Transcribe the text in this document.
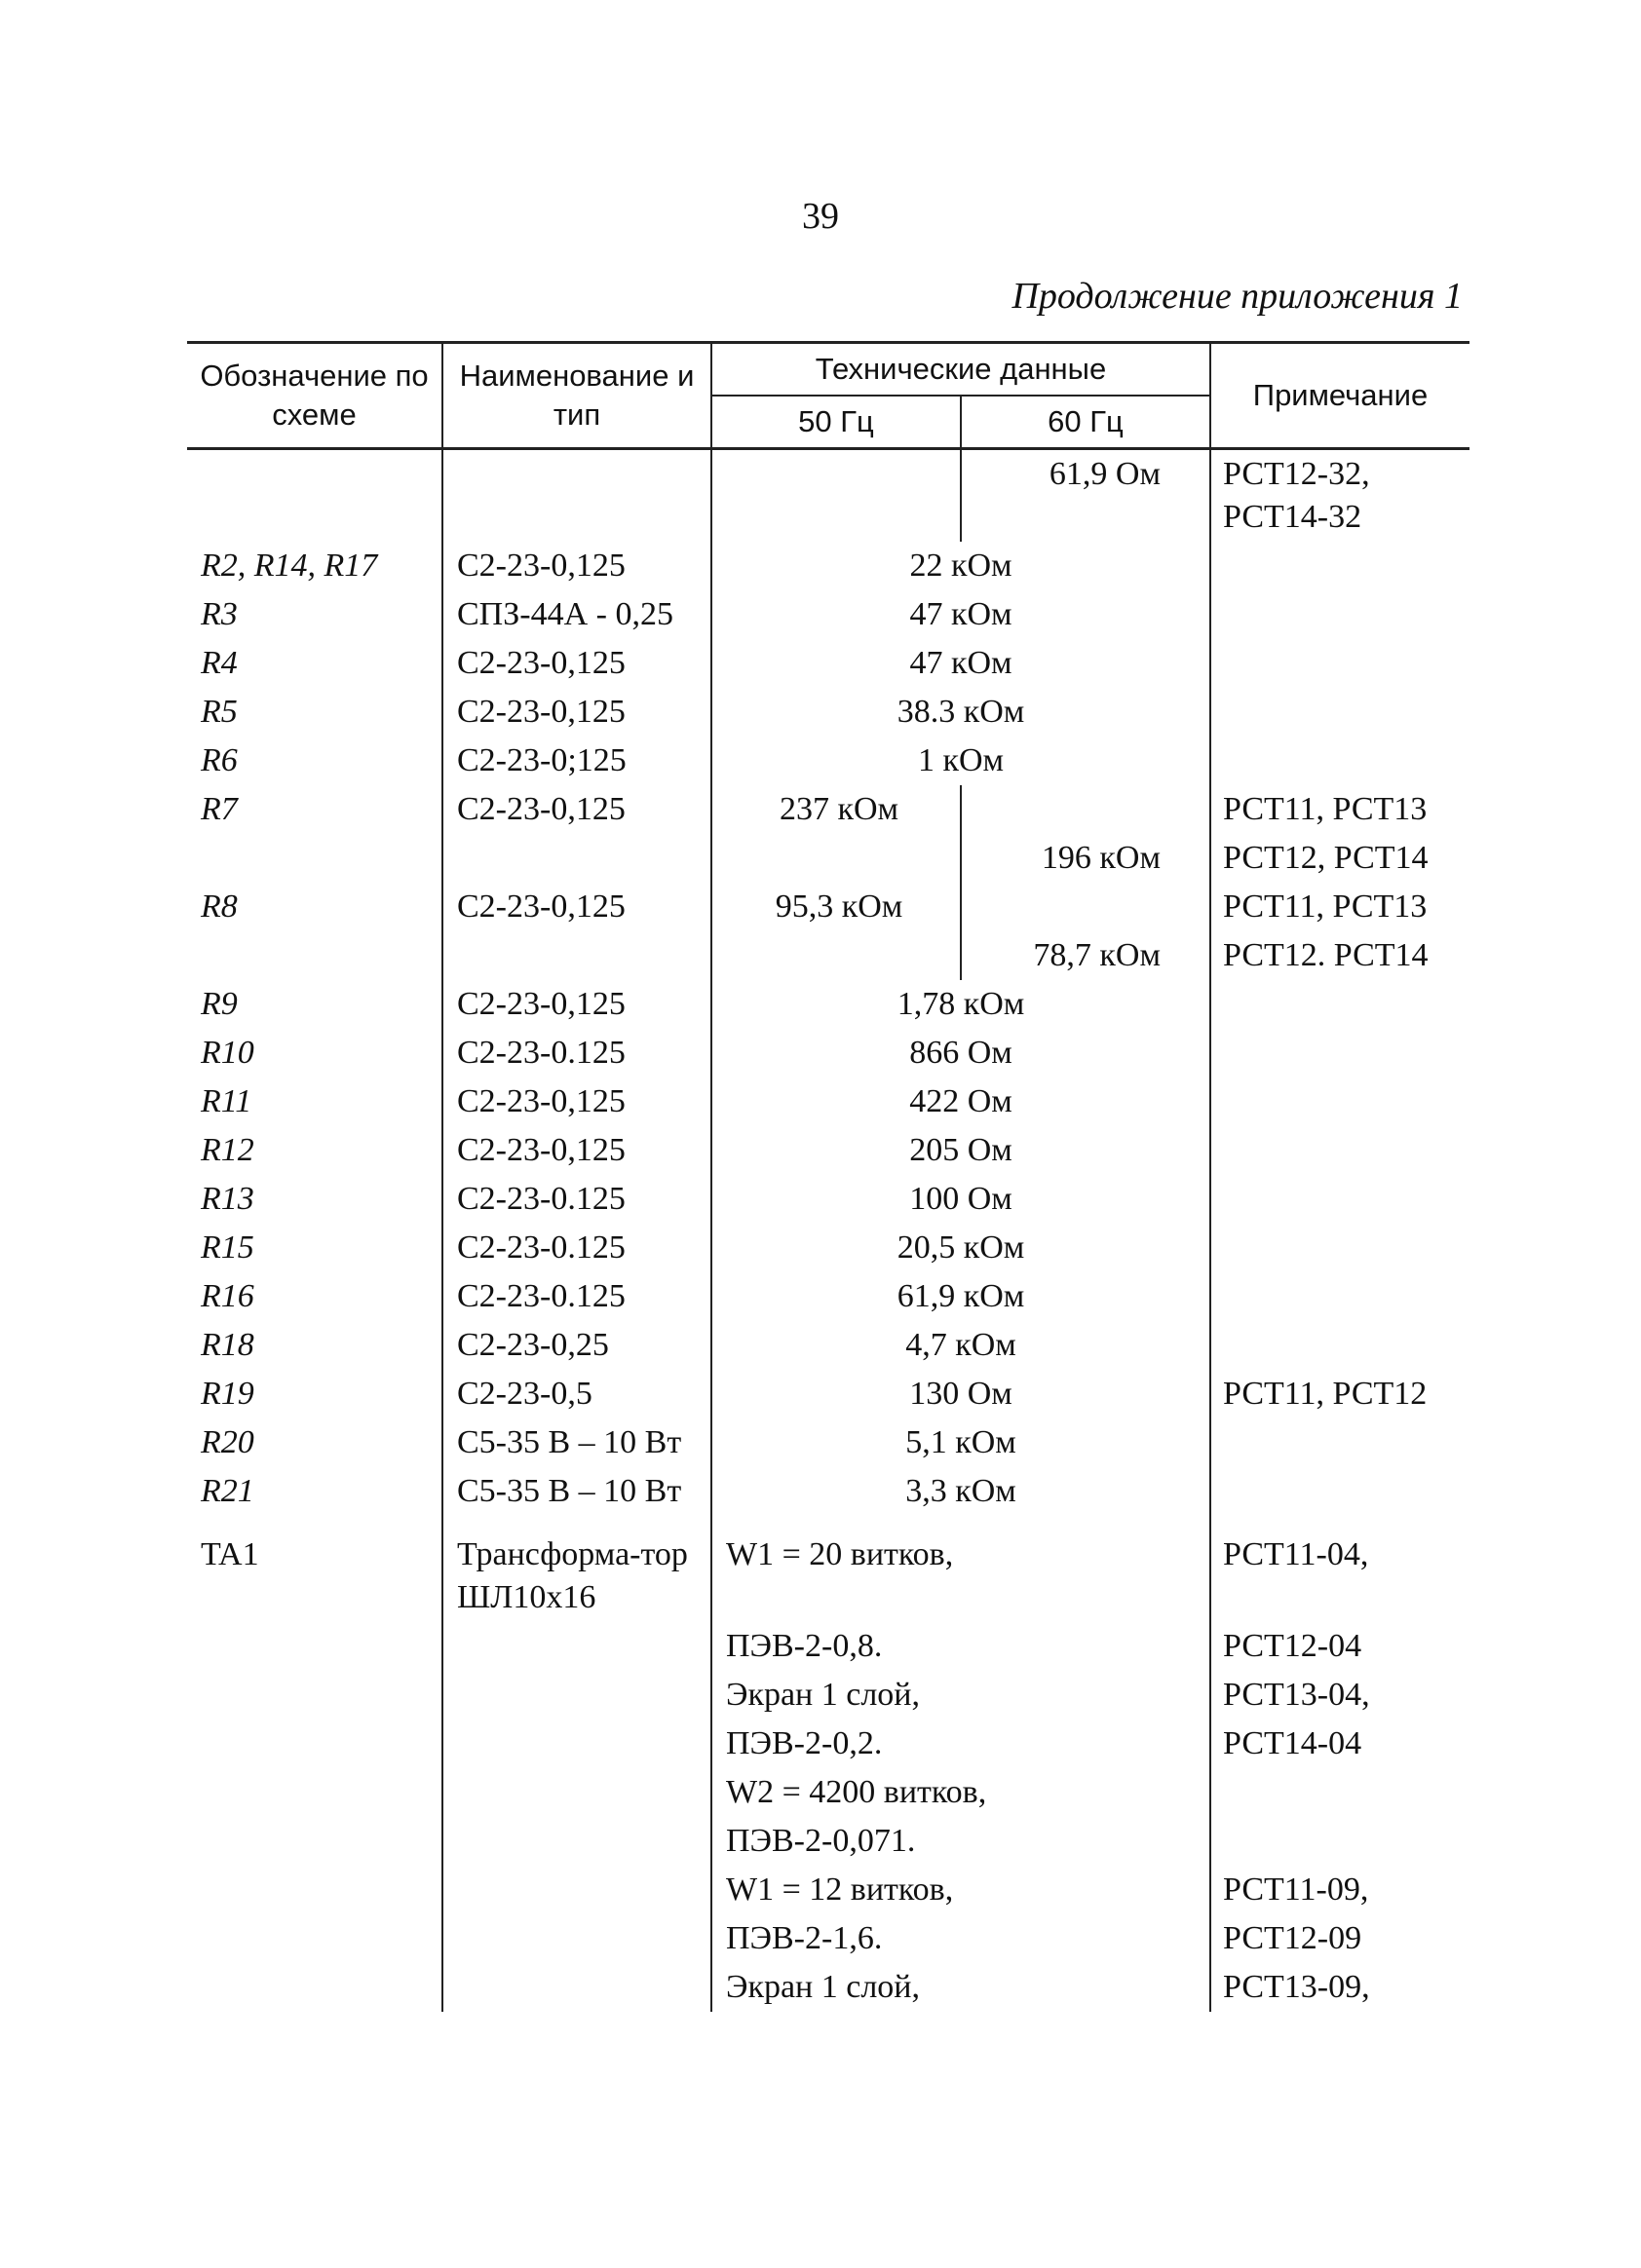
39
Продолжение приложения 1
Обозначение по схеме	Наименование и тип	Технические данные		Примечание
		50 Гц	60 Гц	
			61,9 Ом	РСТ12-32, РСТ14-32
R2, R14, R17	С2-23-0,125	22 кОм		
R3	СПЗ-44А - 0,25	47 кОм		
R4	С2-23-0,125	47 кОм		
R5	С2-23-0,125	38.3 кОм		
R6	С2-23-0;125	1 кОм		
R7	С2-23-0,125	237 кОм		РСТ11, РСТ13
			196 кОм	РСТ12, РСТ14
R8	С2-23-0,125	95,3 кОм		РСТ11, РСТ13
			78,7 кОм	РСТ12. РСТ14
R9	С2-23-0,125	1,78 кОм		
R10	С2-23-0.125	866 Ом		
R11	С2-23-0,125	422 Ом		
R12	С2-23-0,125	205 Ом		
R13	С2-23-0.125	100 Ом		
R15	С2-23-0.125	20,5 кОм		
R16	С2-23-0.125	61,9 кОм		
R18	С2-23-0,25	4,7 кОм		
R19	С2-23-0,5	130 Ом		РСТ11, РСТ12
R20	С5-35 В – 10 Вт	5,1 кОм		
R21	С5-35 В – 10 Вт	3,3 кОм		
TA1	Трансформа-тор ШЛ10х16	W1 = 20 витков,		РСТ11-04,
		ПЭВ-2-0,8.		РСТ12-04
		Экран 1 слой,		РСТ13-04,
		ПЭВ-2-0,2.		РСТ14-04
		W2 = 4200 витков,		
		ПЭВ-2-0,071.		
		W1 = 12 витков,		РСТ11-09,
		ПЭВ-2-1,6.		РСТ12-09
		Экран 1 слой,		РСТ13-09,
